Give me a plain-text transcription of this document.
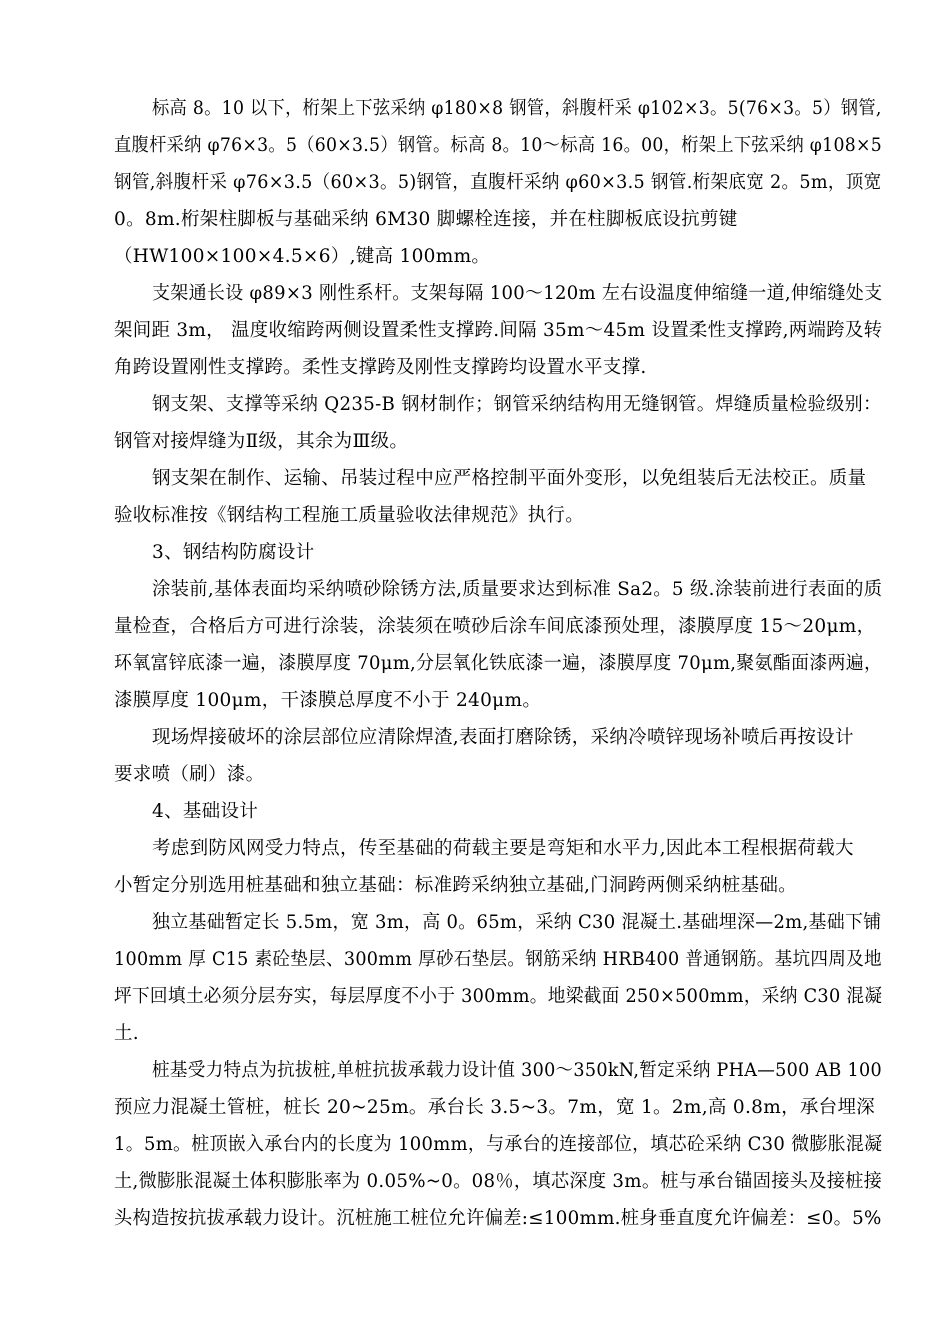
标高 8。10 以下，桁架上下弦采纳 φ180×8 钢管，斜腹杆采 φ102×3。5(76×3。5）钢管,
直腹杆采纳 φ76×3。5（60×3.5）钢管。标高 8。10～标高 16。00，桁架上下弦采纳 φ108×5
钢管,斜腹杆采 φ76×3.5（60×3。5)钢管，直腹杆采纳 φ60×3.5 钢管.桁架底宽 2。5m，顶宽
0。8m.桁架柱脚板与基础采纳 6M30 脚螺栓连接，并在柱脚板底设抗剪键
（HW100×100×4.5×6）,键高 100mm。
支架通长设 φ89×3 刚性系杆。支架每隔 100～120m 左右设温度伸缩缝一道,伸缩缝处支
架间距 3m， 温度收缩跨两侧设置柔性支撑跨.间隔 35m～45m 设置柔性支撑跨,两端跨及转
角跨设置刚性支撑跨。柔性支撑跨及刚性支撑跨均设置水平支撑.
钢支架、支撑等采纳 Q235-B 钢材制作；钢管采纳结构用无缝钢管。焊缝质量检验级别：
钢管对接焊缝为Ⅱ级，其余为Ⅲ级。
钢支架在制作、运输、吊装过程中应严格控制平面外变形，以免组装后无法校正。质量
验收标准按《钢结构工程施工质量验收法律规范》执行。
3、钢结构防腐设计
涂装前,基体表面均采纳喷砂除锈方法,质量要求达到标准 Sa2。5 级.涂装前进行表面的质
量检查，合格后方可进行涂装，涂装须在喷砂后涂车间底漆预处理，漆膜厚度 15～20μm，
环氧富锌底漆一遍，漆膜厚度 70μm,分层氧化铁底漆一遍，漆膜厚度 70μm,聚氨酯面漆两遍，
漆膜厚度 100μm，干漆膜总厚度不小于 240μm。
现场焊接破坏的涂层部位应清除焊渣,表面打磨除锈，采纳冷喷锌现场补喷后再按设计
要求喷（刷）漆。
4、基础设计
考虑到防风网受力特点，传至基础的荷载主要是弯矩和水平力,因此本工程根据荷载大
小暂定分别选用桩基础和独立基础：标准跨采纳独立基础,门洞跨两侧采纳桩基础。
独立基础暂定长 5.5m，宽 3m，高 0。65m，采纳 C30 混凝土.基础埋深—2m,基础下铺
100mm 厚 C15 素砼垫层、300mm 厚砂石垫层。钢筋采纳 HRB400 普通钢筋。基坑四周及地
坪下回填土必须分层夯实，每层厚度不小于 300mm。地梁截面 250×500mm，采纳 C30 混凝
土.
桩基受力特点为抗拔桩,单桩抗拔承载力设计值 300～350kN,暂定采纳 PHA—500 AB 100
预应力混凝土管桩，桩长 20~25m。承台长 3.5~3。7m，宽 1。2m,高 0.8m，承台埋深
1。5m。桩顶嵌入承台内的长度为 100mm，与承台的连接部位，填芯砼采纳 C30 微膨胀混凝
土,微膨胀混凝土体积膨胀率为 0.05%~0。08％，填芯深度 3m。桩与承台锚固接头及接桩接
头构造按抗拔承载力设计。沉桩施工桩位允许偏差:≤100mm.桩身垂直度允许偏差：≤0。5%
